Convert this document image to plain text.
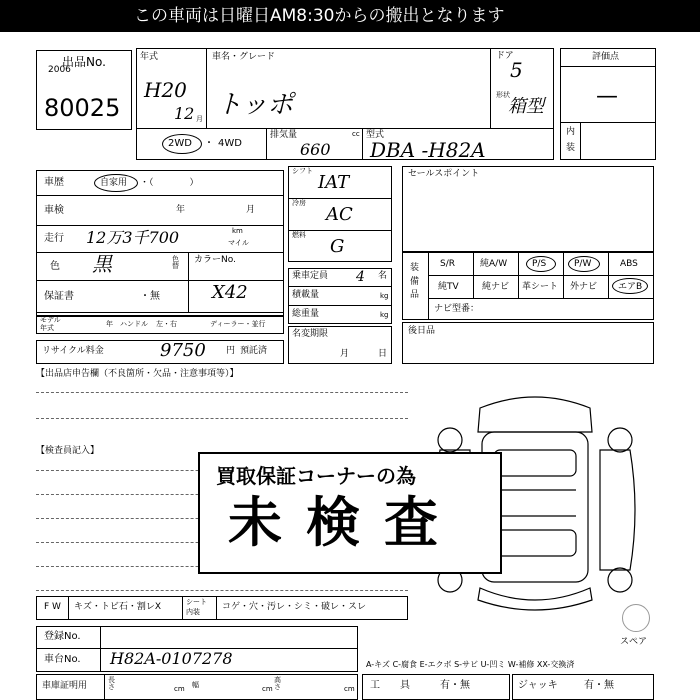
この車両は日曜日AM8:30からの搬出となります
出品No.
2006
80025
年式
H20
12 月
車名・グレード
トッポ
ドア
5
形状
箱型
2WD ・ 4WD
排気量
660
cc 型式
DBA -H82A
評価点
—
内
装
車歴	自家用 ・（　　　　）
車検	年	月
走行 12万3千700	km
マイル
色 黒	色替
カラーNo.
X42
保証書	・無
モデル
年式	年 ハンドル 左・右	ディーラー・並行
リサイクル料金	9750 円 預託済
シフト
IAT
冷房
AC
燃料
G
乗車定員 4 名
積載量	kg
総重量	kg
名変期限
月	日
セールスポイント
装備品
S/R	純A/W	P/S	P/W	ABS
純TV	純ナビ 革シート 外ナビ エアB
ナビ型番：
後日品
【出品店申告欄（不良箇所・欠品・注意事項等）】
【検査員記入】
買取保証コーナーの為
未検査
F W キズ・トビ石・割レX	シート
内装 コゲ・穴・汚レ・シミ・破レ・スレ
登録No.
車台No. H82A-0107278
スペア
A-キズ C-腐食 E-エクボ S-サビ U-凹ミ W-補修 XX-交換済
車庫証明用
長さ	cm 幅	cm
高さ	cm 工　　具	有・無	ジャッキ	有・無
